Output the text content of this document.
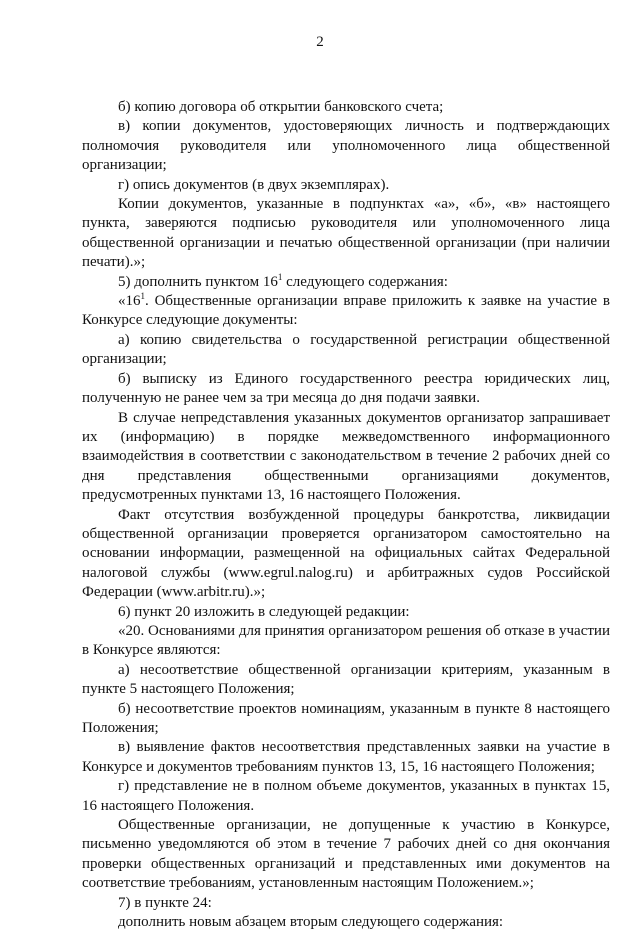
2
б) копию договора об открытии банковского счета;
в) копии документов, удостоверяющих личность и подтверждающих полномочия руководителя или уполномоченного лица общественной организации;
г) опись документов (в двух экземплярах).
Копии документов, указанные в подпунктах «а», «б», «в» настоящего пункта, заверяются подписью руководителя или уполномоченного лица общественной организации и печатью общественной организации (при наличии печати).»;
5) дополнить пунктом $16^1$ следующего содержания:
«$16^1$. Общественные организации вправе приложить к заявке на участие в Конкурсе следующие документы:
а) копию свидетельства о государственной регистрации общественной организации;
б) выписку из Единого государственного реестра юридических лиц, полученную не ранее чем за три месяца до дня подачи заявки.
В случае непредставления указанных документов организатор запрашивает их (информацию) в порядке межведомственного информационного взаимодействия в соответствии с законодательством в течение 2 рабочих дней со дня представления общественными организациями документов, предусмотренных пунктами 13, 16 настоящего Положения.
Факт отсутствия возбужденной процедуры банкротства, ликвидации общественной организации проверяется организатором самостоятельно на основании информации, размещенной на официальных сайтах Федеральной налоговой службы (www.egrul.nalog.ru) и арбитражных судов Российской Федерации (www.arbitr.ru).»;
6) пункт 20 изложить в следующей редакции:
«20. Основаниями для принятия организатором решения об отказе в участии в Конкурсе являются:
а) несоответствие общественной организации критериям, указанным в пункте 5 настоящего Положения;
б) несоответствие проектов номинациям, указанным в пункте 8 настоящего Положения;
в) выявление фактов несоответствия представленных заявки на участие в Конкурсе и документов требованиям пунктов 13, 15, 16 настоящего Положения;
г) представление не в полном объеме документов, указанных в пунктах 15, 16 настоящего Положения.
Общественные организации, не допущенные к участию в Конкурсе, письменно уведомляются об этом в течение 7 рабочих дней со дня окончания проверки общественных организаций и представленных ими документов на соответствие требованиям, установленным настоящим Положением.»;
7) в пункте 24:
дополнить новым абзацем вторым следующего содержания:
